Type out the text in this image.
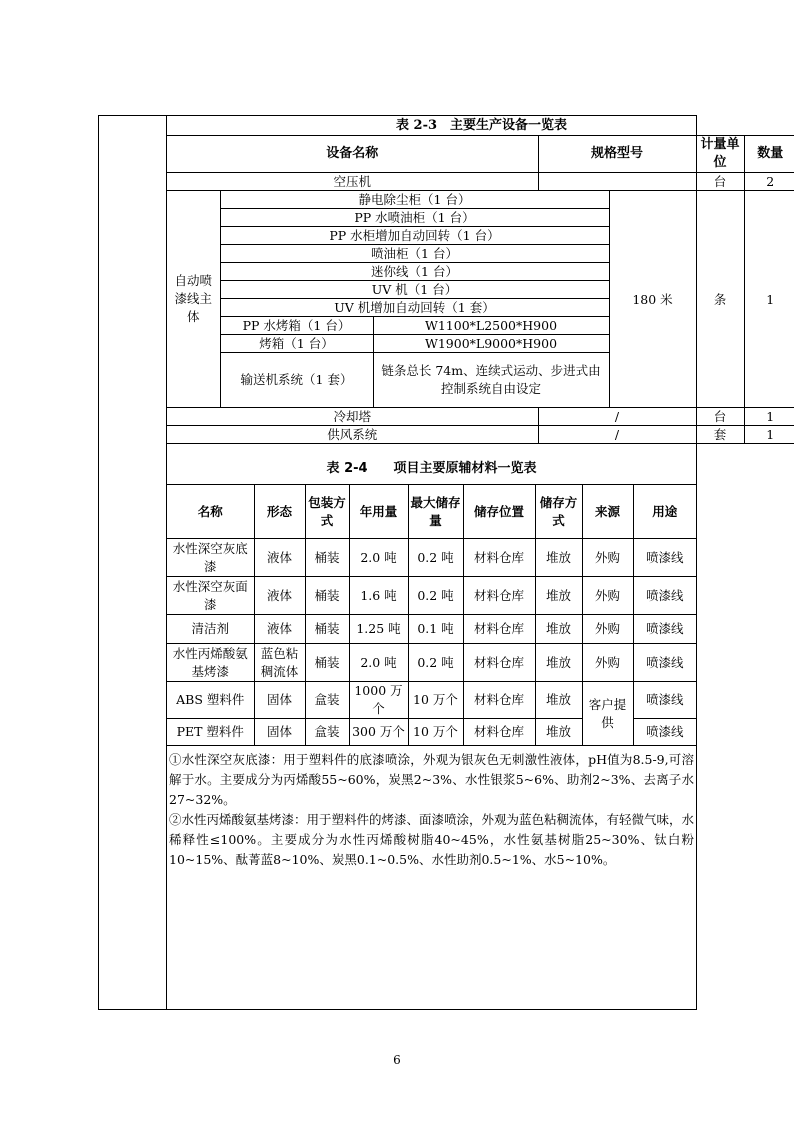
表 2-3　主要生产设备一览表						
设备名称			规格型号		计量单位	数量
空压机					台	2
自动喷漆线主体	静电除尘柜（1 台）			180 米	条	1
	PP 水喷油柜（1 台）					
	PP 水柜增加自动回转（1 台）					
	喷油柜（1 台）					
	迷你线（1 台）					
	UV 机（1 台）					
	UV 机增加自动回转（1 套）					
	PP 水烤箱（1 台）	W1100*L2500*H900				
	烤箱（1 台）	W1900*L9000*H900				
	输送机系统（1 套）	链条总长 74m、连续式运动、步进式由控制系统自由设定				

冷却塔			/		台	1
供风系统			/		套	1
表 2-4　　项目主要原辅材料一览表								
名称	形态	包装方式	年用量	最大储存量	储存位置	储存方式	来源	用途
水性深空灰底漆	液体	桶装	2.0 吨	0.2 吨	材料仓库	堆放	外购	喷漆线
水性深空灰面漆	液体	桶装	1.6 吨	0.2 吨	材料仓库	堆放	外购	喷漆线
清洁剂	液体	桶装	1.25 吨	0.1 吨	材料仓库	堆放	外购	喷漆线
水性丙烯酸氨基烤漆	蓝色粘稠流体	桶装	2.0 吨	0.2 吨	材料仓库	堆放	外购	喷漆线
ABS 塑料件	固体	盒装	1000 万个	10 万个	材料仓库	堆放	客户提供	喷漆线
PET 塑料件	固体	盒装	300 万个	10 万个	材料仓库	堆放		喷漆线

①水性深空灰底漆：用于塑料件的底漆喷涂，外观为银灰色无刺激性液体，pH值为8.5-9,可溶解于水。主要成分为丙烯酸55~60%，炭黑2~3%、水性银浆5~6%、助剂2~3%、去离子水27~32%。

②水性丙烯酸氨基烤漆：用于塑料件的烤漆、面漆喷涂，外观为蓝色粘稠流体，有轻微气味，水稀释性≤100%。主要成分为水性丙烯酸树脂40~45%，水性氨基树脂25~30%、钛白粉10~15%、酞菁蓝8~10%、炭黑0.1~0.5%、水性助剂0.5~1%、水5~10%。

6
